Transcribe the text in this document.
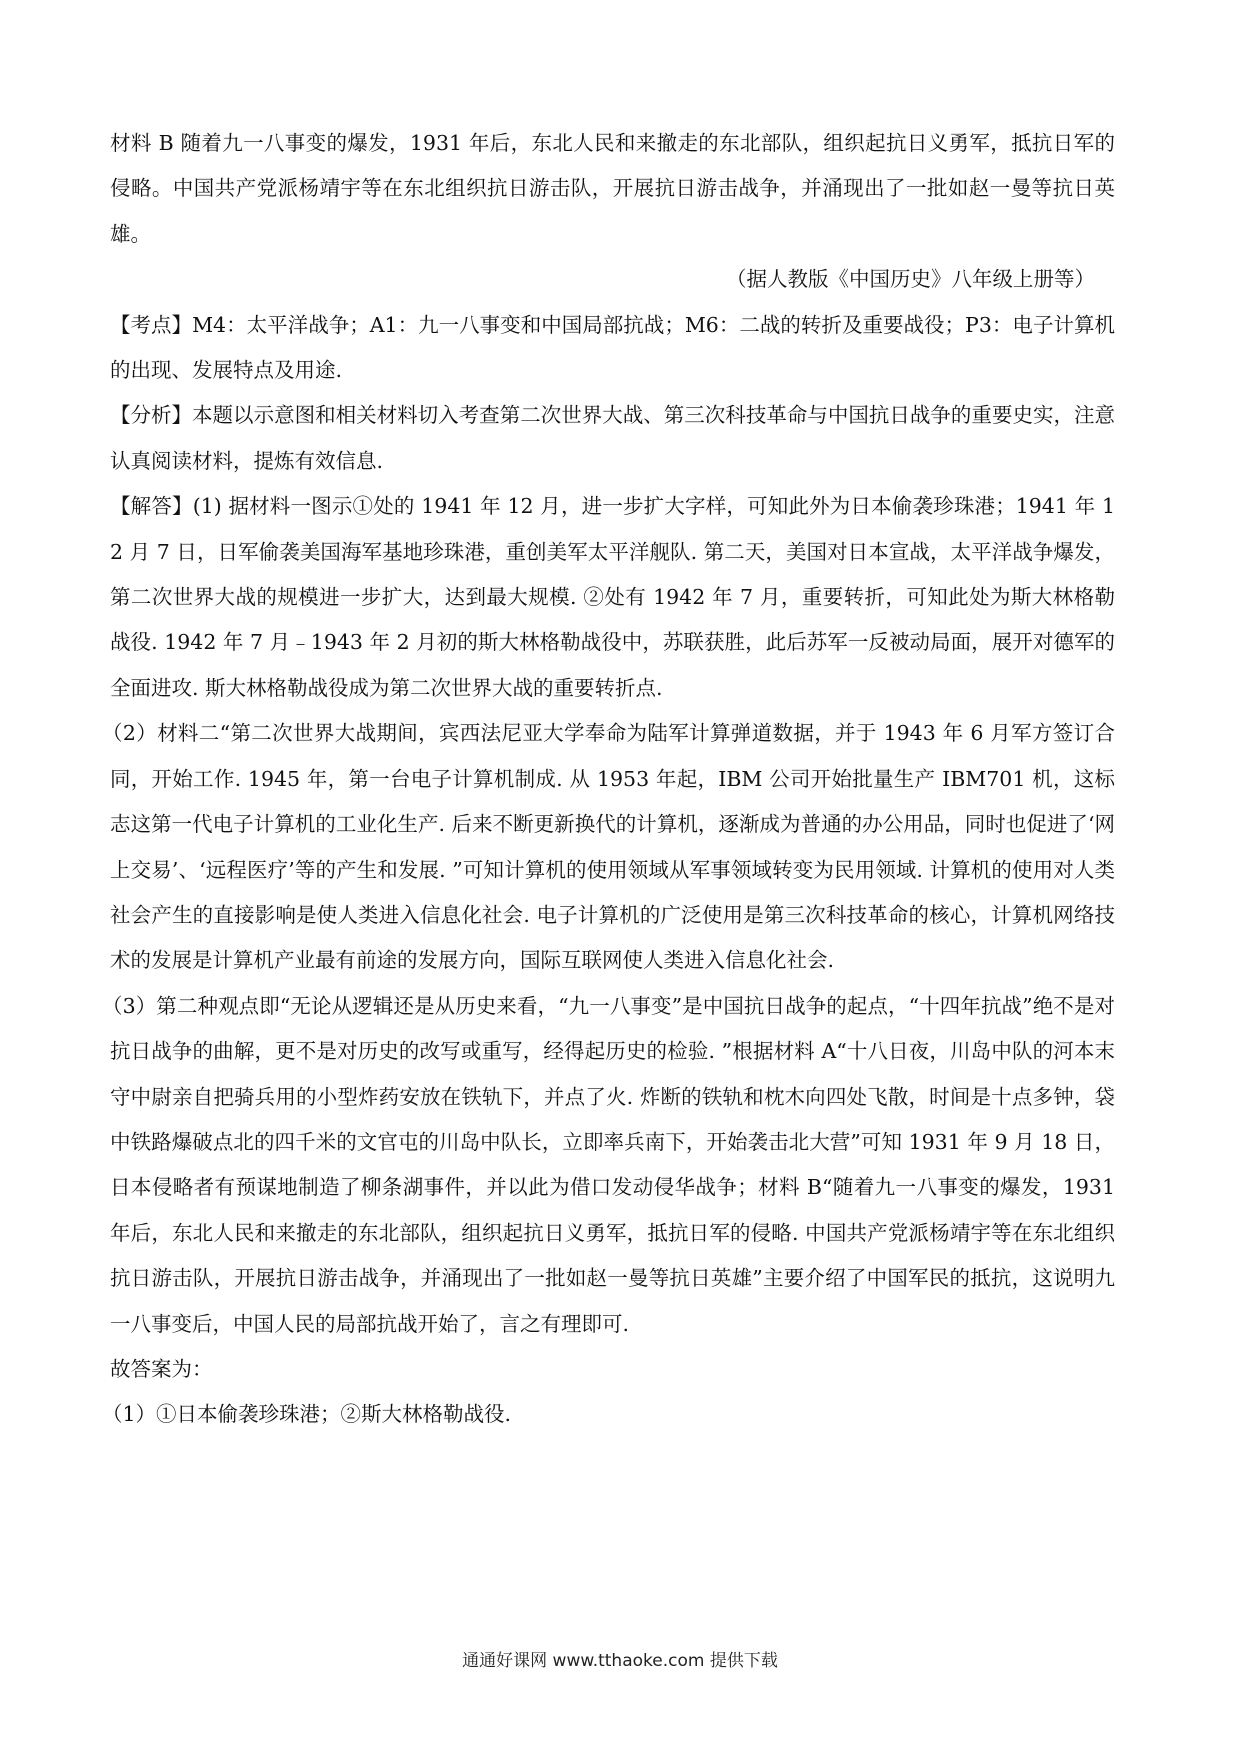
材料 B 随着九一八事变的爆发，1931 年后，东北人民和来撤走的东北部队，组织起抗日义勇军，抵抗日军的侵略。中国共产党派杨靖宇等在东北组织抗日游击队，开展抗日游击战争，并涌现出了一批如赵一曼等抗日英雄。

（据人教版《中国历史》八年级上册等）

【考点】M4：太平洋战争；A1：九一八事变和中国局部抗战；M6：二战的转折及重要战役；P3：电子计算机的出现、发展特点及用途.

【分析】本题以示意图和相关材料切入考查第二次世界大战、第三次科技革命与中国抗日战争的重要史实，注意认真阅读材料，提炼有效信息.

【解答】(1) 据材料一图示①处的 1941 年 12 月，进一步扩大字样，可知此外为日本偷袭珍珠港；1941 年 12 月 7 日，日军偷袭美国海军基地珍珠港，重创美军太平洋舰队. 第二天，美国对日本宣战，太平洋战争爆发，第二次世界大战的规模进一步扩大，达到最大规模. ②处有 1942 年 7 月，重要转折，可知此处为斯大林格勒战役. 1942 年 7 月﹣1943 年 2 月初的斯大林格勒战役中，苏联获胜，此后苏军一反被动局面，展开对德军的全面进攻. 斯大林格勒战役成为第二次世界大战的重要转折点.

（2）材料二“第二次世界大战期间，宾西法尼亚大学奉命为陆军计算弹道数据，并于 1943 年 6 月军方签订合同，开始工作. 1945 年，第一台电子计算机制成. 从 1953 年起，IBM 公司开始批量生产 IBM701 机，这标志这第一代电子计算机的工业化生产. 后来不断更新换代的计算机，逐渐成为普通的办公用品，同时也促进了‘网上交易’、‘远程医疗’等的产生和发展. ”可知计算机的使用领域从军事领域转变为民用领域. 计算机的使用对人类社会产生的直接影响是使人类进入信息化社会. 电子计算机的广泛使用是第三次科技革命的核心，计算机网络技术的发展是计算机产业最有前途的发展方向，国际互联网使人类进入信息化社会.

（3）第二种观点即“无论从逻辑还是从历史来看，“九一八事变”是中国抗日战争的起点，“十四年抗战”绝不是对抗日战争的曲解，更不是对历史的改写或重写，经得起历史的检验. ”根据材料 A“十八日夜，川岛中队的河本末守中尉亲自把骑兵用的小型炸药安放在铁轨下，并点了火. 炸断的铁轨和枕木向四处飞散，时间是十点多钟，袋中铁路爆破点北的四千米的文官屯的川岛中队长，立即率兵南下，开始袭击北大营”可知 1931 年 9 月 18 日，日本侵略者有预谋地制造了柳条湖事件，并以此为借口发动侵华战争；材料 B“随着九一八事变的爆发，1931 年后，东北人民和来撤走的东北部队，组织起抗日义勇军，抵抗日军的侵略. 中国共产党派杨靖宇等在东北组织抗日游击队，开展抗日游击战争，并涌现出了一批如赵一曼等抗日英雄”主要介绍了中国军民的抵抗，这说明九一八事变后，中国人民的局部抗战开始了，言之有理即可.

故答案为：

（1）①日本偷袭珍珠港；②斯大林格勒战役.

通通好课网 www.tthaoke.com 提供下载
